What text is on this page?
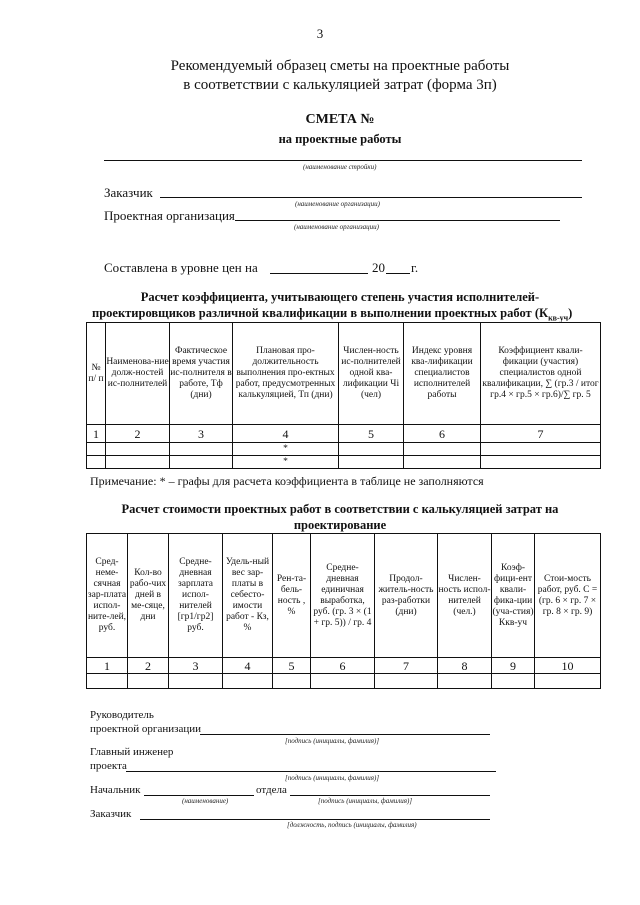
3
Рекомендуемый образец сметы на проектные работы
в соответствии с калькуляцией затрат (форма 3п)
СМЕТА №
на проектные работы
(наименование стройки)
Заказчик
(наименование организации)
Проектная организация
(наименование организации)
Составлена в уровне цен на	20 г.
Расчет коэффициента, учитывающего степень участия исполнителей-
проектировщиков различной квалификации в выполнении проектных работ $(К_{кв-уч})$
№ п/ п	Наименова-ние долж-ностей ис-полнителей	Фактическое время участия ис-полнителя в работе, Тф (дни)	Плановая про-должительность выполнения про-ектных работ, предусмотренных калькуляцией, Тп (дни)	Числен-ность ис-полнителей одной ква-лификации Чi (чел)	Индекс уровня ква-лификации специалистов исполнителей работы	Коэффициент квали-фикации (участия) специалистов одной квалификации, ∑ (гр.3 / итог гр.4 × гр.5 × гр.6)/∑ гр. 5
1	2	3	4	5	6	7
			*			
			*			
Примечание: * – графы для расчета коэффициента в таблице не заполняются
Расчет стоимости проектных работ в соответствии с калькуляцией затрат на
проектирование
Сред-неме-сячная зар-плата испол-ните-лей, руб.	Кол-во рабо-чих дней в ме-сяце, дни	Средне-дневная зарплата испол-нителей [гр1/гр2] руб.	Удель-ный вес зар-платы в себесто-имости работ - Кз, %	Рен-та-бель-ность , %	Средне-дневная единичная выработка, руб. (гр. 3 × (1 + гр. 5)) / гр. 4	Продол-житель-ность раз-работки (дни)	Числен-ность испол-нителей (чел.)	Коэф-фици-ент квали-фика-ции (уча-стия) Ккв-уч	Стои-мость работ, руб. С = (гр. 6 × гр. 7 × гр. 8 × гр. 9)
1	2	3	4	5	6	7	8	9	10

Руководитель
проектной организации
[подпись (инициалы, фамилия)]
Главный инженер
проекта
[подпись (инициалы, фамилия)]
Начальник	отдела
(наименование)	[подпись (инициалы, фамилия)]
Заказчик
[должность, подпись (инициалы, фамилия)
